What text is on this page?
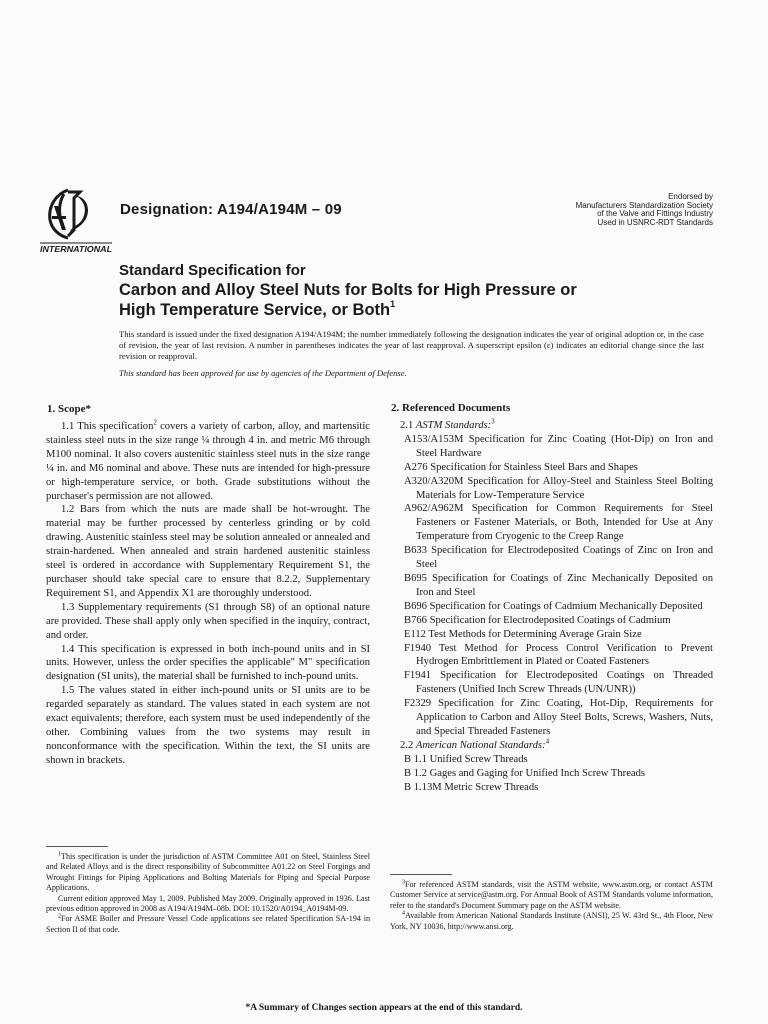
INTERNATIONAL
Designation: A194/A194M – 09
Endorsed by
Manufacturers Standardization Society
of the Valve and Fittings Industry
Used in USNRC-RDT Standards
Standard Specification for
Carbon and Alloy Steel Nuts for Bolts for High Pressure or
High Temperature Service, or Both$^1$
This standard is issued under the fixed designation A194/A194M; the number immediately following the designation indicates the year of original adoption or, in the case of revision, the year of last revision. A number in parentheses indicates the year of last reapproval. A superscript epsilon (ε) indicates an editorial change since the last revision or reapproval.
This standard has been approved for use by agencies of the Department of Defense.
1. Scope*

1.1 This specification$^2$ covers a variety of carbon, alloy, and martensitic stainless steel nuts in the size range ¼ through 4 in. and metric M6 through M100 nominal. It also covers austenitic stainless steel nuts in the size range ¼ in. and M6 nominal and above. These nuts are intended for high-pressure or high-temperature service, or both. Grade substitutions without the purchaser's permission are not allowed.

1.2 Bars from which the nuts are made shall be hot-wrought. The material may be further processed by centerless grinding or by cold drawing. Austenitic stainless steel may be solution annealed or annealed and strain-hardened. When annealed and strain hardened austenitic stainless steel is ordered in accordance with Supplementary Requirement S1, the purchaser should take special care to ensure that 8.2.2, Supplementary Requirement S1, and Appendix X1 are thoroughly understood.

1.3 Supplementary requirements (S1 through S8) of an optional nature are provided. These shall apply only when specified in the inquiry, contract, and order.

1.4 This specification is expressed in both inch-pound units and in SI units. However, unless the order specifies the applicable" M" specification designation (SI units), the material shall be furnished to inch-pound units.

1.5 The values stated in either inch-pound units or SI units are to be regarded separately as standard. The values stated in each system are not exact equivalents; therefore, each system must be used independently of the other. Combining values from the two systems may result in nonconformance with the specification. Within the text, the SI units are shown in brackets.

2. Referenced Documents

2.1 ASTM Standards:$^3$

A153/A153M Specification for Zinc Coating (Hot-Dip) on Iron and Steel Hardware

A276 Specification for Stainless Steel Bars and Shapes

A320/A320M Specification for Alloy-Steel and Stainless Steel Bolting Materials for Low-Temperature Service

A962/A962M Specification for Common Requirements for Steel Fasteners or Fastener Materials, or Both, Intended for Use at Any Temperature from Cryogenic to the Creep Range

B633 Specification for Electrodeposited Coatings of Zinc on Iron and Steel

B695 Specification for Coatings of Zinc Mechanically Deposited on Iron and Steel

B696 Specification for Coatings of Cadmium Mechanically Deposited

B766 Specification for Electrodeposited Coatings of Cadmium

E112 Test Methods for Determining Average Grain Size

F1940 Test Method for Process Control Verification to Prevent Hydrogen Embrittlement in Plated or Coated Fasteners

F1941 Specification for Electrodeposited Coatings on Threaded Fasteners (Unified Inch Screw Threads (UN/UNR))

F2329 Specification for Zinc Coating, Hot-Dip, Requirements for Application to Carbon and Alloy Steel Bolts, Screws, Washers, Nuts, and Special Threaded Fasteners

2.2 American National Standards:$^4$

B 1.1 Unified Screw Threads

B 1.2 Gages and Gaging for Unified Inch Screw Threads

B 1.13M Metric Screw Threads

$^1$This specification is under the jurisdiction of ASTM Committee A01 on Steel, Stainless Steel and Related Alloys and is the direct responsibility of Subcommittee A01.22 on Steel Forgings and Wrought Fittings for Piping Applications and Bolting Materials for Piping and Special Purpose Applications.

Current edition approved May 1, 2009. Published May 2009. Originally approved in 1936. Last previous edition approved in 2008 as A194/A194M–08b. DOI: 10.1520/A0194_A0194M-09.

$^2$For ASME Boiler and Pressure Vessel Code applications see related Specification SA-194 in Section II of that code.

$^3$For referenced ASTM standards, visit the ASTM website, www.astm.org, or contact ASTM Customer Service at service@astm.org. For Annual Book of ASTM Standards volume information, refer to the standard's Document Summary page on the ASTM website.

$^4$Available from American National Standards Institute (ANSI), 25 W. 43rd St., 4th Floor, New York, NY 10036, http://www.ansi.org.

*A Summary of Changes section appears at the end of this standard.
